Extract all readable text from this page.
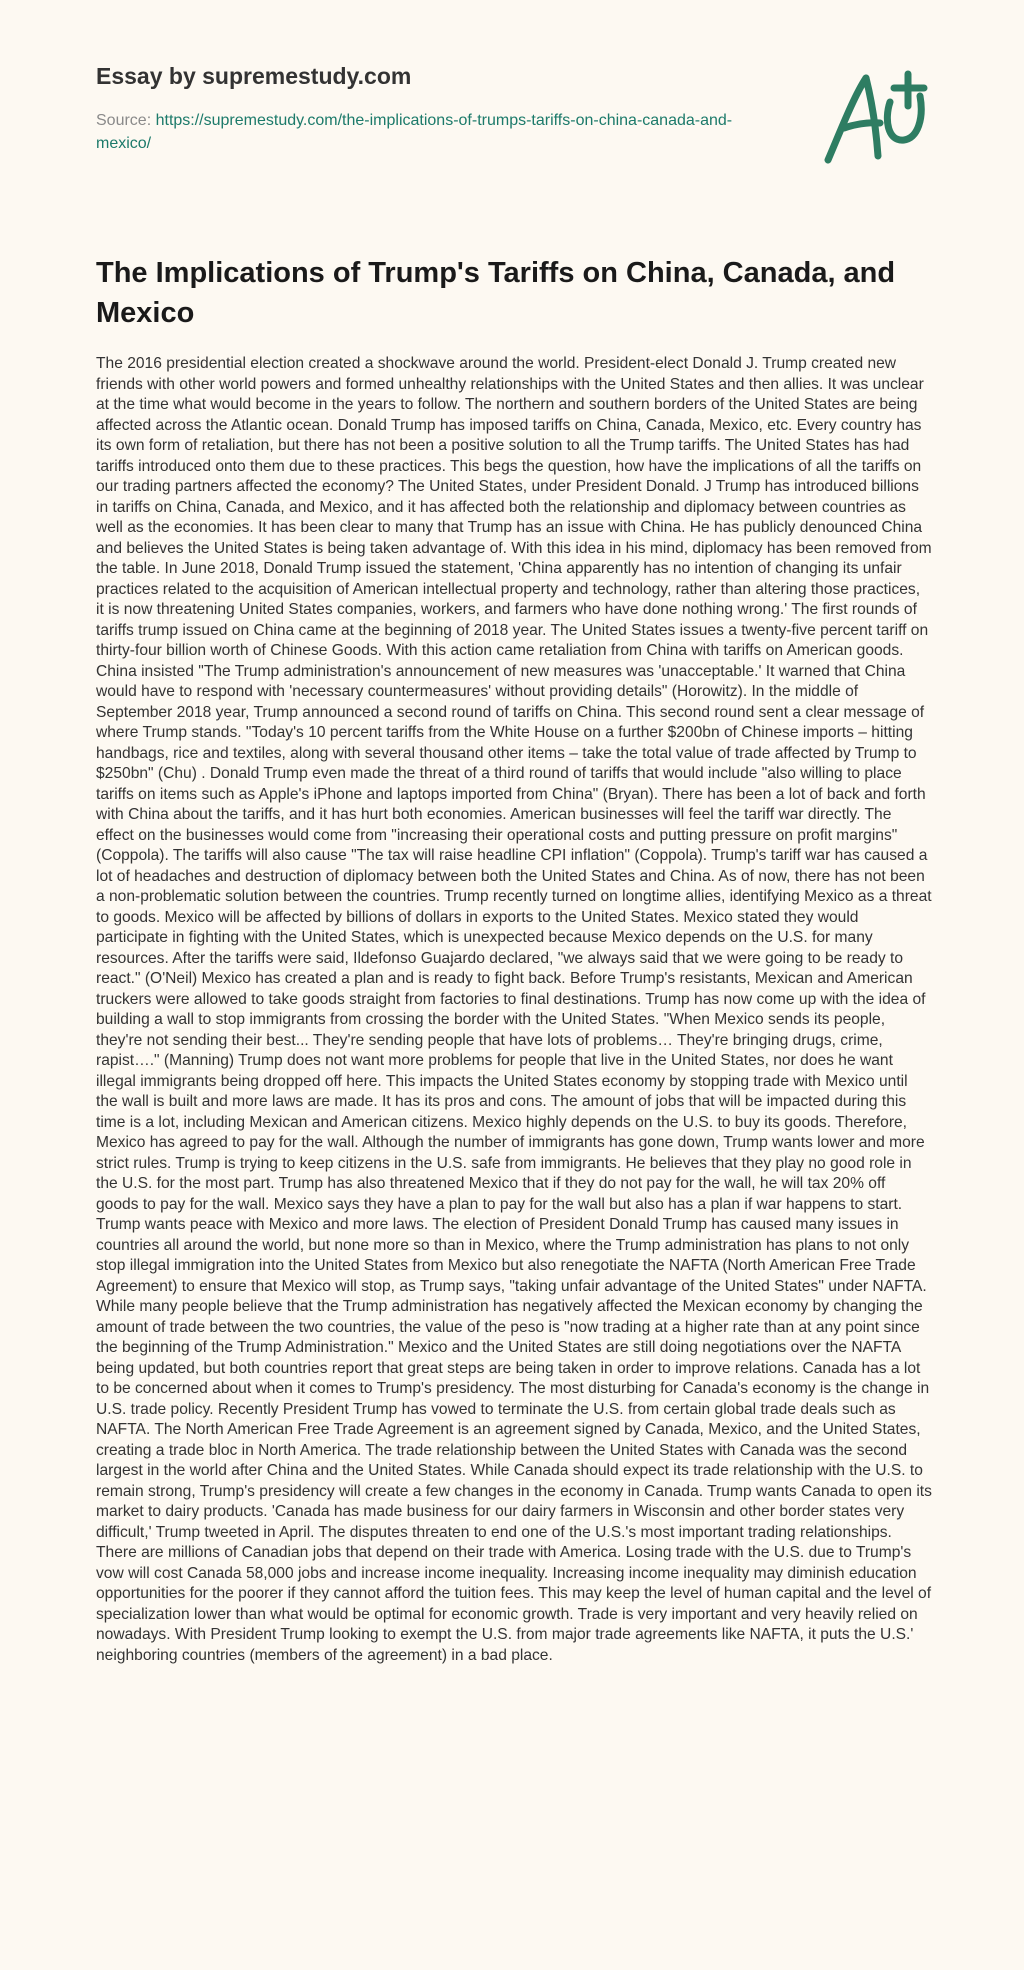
Essay by supremestudy.com
Source: https://supremestudy.com/the-implications-of-trumps-tariffs-on-china-canada-and-mexico/
The Implications of Trump's Tariffs on China, Canada, and Mexico

The 2016 presidential election created a shockwave around the world. President-elect Donald J. Trump created new friends with other world powers and formed unhealthy relationships with the United States and then allies. It was unclear at the time what would become in the years to follow. The northern and southern borders of the United States are being affected across the Atlantic ocean. Donald Trump has imposed tariffs on China, Canada, Mexico, etc. Every country has its own form of retaliation, but there has not been a positive solution to all the Trump tariffs. The United States has had tariffs introduced onto them due to these practices. This begs the question, how have the implications of all the tariffs on our trading partners affected the economy? The United States, under President Donald. J Trump has introduced billions in tariffs on China, Canada, and Mexico, and it has affected both the relationship and diplomacy between countries as well as the economies. It has been clear to many that Trump has an issue with China. He has publicly denounced China and believes the United States is being taken advantage of. With this idea in his mind, diplomacy has been removed from the table. In June 2018, Donald Trump issued the statement, 'China apparently has no intention of changing its unfair practices related to the acquisition of American intellectual property and technology, rather than altering those practices, it is now threatening United States companies, workers, and farmers who have done nothing wrong.' The first rounds of tariffs trump issued on China came at the beginning of 2018 year. The United States issues a twenty-five percent tariff on thirty-four billion worth of Chinese Goods. With this action came retaliation from China with tariffs on American goods. China insisted "The Trump administration's announcement of new measures was 'unacceptable.' It warned that China would have to respond with 'necessary countermeasures' without providing details" (Horowitz). In the middle of September 2018 year, Trump announced a second round of tariffs on China. This second round sent a clear message of where Trump stands. "Today's 10 percent tariffs from the White House on a further $200bn of Chinese imports – hitting handbags, rice and textiles, along with several thousand other items – take the total value of trade affected by Trump to $250bn" (Chu) . Donald Trump even made the threat of a third round of tariffs that would include "also willing to place tariffs on items such as Apple's iPhone and laptops imported from China" (Bryan). There has been a lot of back and forth with China about the tariffs, and it has hurt both economies. American businesses will feel the tariff war directly. The effect on the businesses would come from "increasing their operational costs and putting pressure on profit margins" (Coppola). The tariffs will also cause "The tax will raise headline CPI inflation" (Coppola). Trump's tariff war has caused a lot of headaches and destruction of diplomacy between both the United States and China. As of now, there has not been a non-problematic solution between the countries. Trump recently turned on longtime allies, identifying Mexico as a threat to goods. Mexico will be affected by billions of dollars in exports to the United States. Mexico stated they would participate in fighting with the United States, which is unexpected because Mexico depends on the U.S. for many resources. After the tariffs were said, Ildefonso Guajardo declared, "we always said that we were going to be ready to react." (O'Neil) Mexico has created a plan and is ready to fight back. Before Trump's resistants, Mexican and American truckers were allowed to take goods straight from factories to final destinations. Trump has now come up with the idea of building a wall to stop immigrants from crossing the border with the United States. "When Mexico sends its people, they're not sending their best... They're sending people that have lots of problems… They're bringing drugs, crime, rapist…." (Manning) Trump does not want more problems for people that live in the United States, nor does he want illegal immigrants being dropped off here. This impacts the United States economy by stopping trade with Mexico until the wall is built and more laws are made. It has its pros and cons. The amount of jobs that will be impacted during this time is a lot, including Mexican and American citizens. Mexico highly depends on the U.S. to buy its goods. Therefore, Mexico has agreed to pay for the wall. Although the number of immigrants has gone down, Trump wants lower and more strict rules. Trump is trying to keep citizens in the U.S. safe from immigrants. He believes that they play no good role in the U.S. for the most part. Trump has also threatened Mexico that if they do not pay for the wall, he will tax 20% off goods to pay for the wall. Mexico says they have a plan to pay for the wall but also has a plan if war happens to start. Trump wants peace with Mexico and more laws. The election of President Donald Trump has caused many issues in countries all around the world, but none more so than in Mexico, where the Trump administration has plans to not only stop illegal immigration into the United States from Mexico but also renegotiate the NAFTA (North American Free Trade Agreement) to ensure that Mexico will stop, as Trump says, "taking unfair advantage of the United States" under NAFTA. While many people believe that the Trump administration has negatively affected the Mexican economy by changing the amount of trade between the two countries, the value of the peso is "now trading at a higher rate than at any point since the beginning of the Trump Administration." Mexico and the United States are still doing negotiations over the NAFTA being updated, but both countries report that great steps are being taken in order to improve relations. Canada has a lot to be concerned about when it comes to Trump's presidency. The most disturbing for Canada's economy is the change in U.S. trade policy. Recently President Trump has vowed to terminate the U.S. from certain global trade deals such as NAFTA. The North American Free Trade Agreement is an agreement signed by Canada, Mexico, and the United States, creating a trade bloc in North America. The trade relationship between the United States with Canada was the second largest in the world after China and the United States. While Canada should expect its trade relationship with the U.S. to remain strong, Trump's presidency will create a few changes in the economy in Canada. Trump wants Canada to open its market to dairy products. 'Canada has made business for our dairy farmers in Wisconsin and other border states very difficult,' Trump tweeted in April. The disputes threaten to end one of the U.S.'s most important trading relationships. There are millions of Canadian jobs that depend on their trade with America. Losing trade with the U.S. due to Trump's vow will cost Canada 58,000 jobs and increase income inequality. Increasing income inequality may diminish education opportunities for the poorer if they cannot afford the tuition fees. This may keep the level of human capital and the level of specialization lower than what would be optimal for economic growth. Trade is very important and very heavily relied on nowadays. With President Trump looking to exempt the U.S. from major trade agreements like NAFTA, it puts the U.S.' neighboring countries (members of the agreement) in a bad place.
